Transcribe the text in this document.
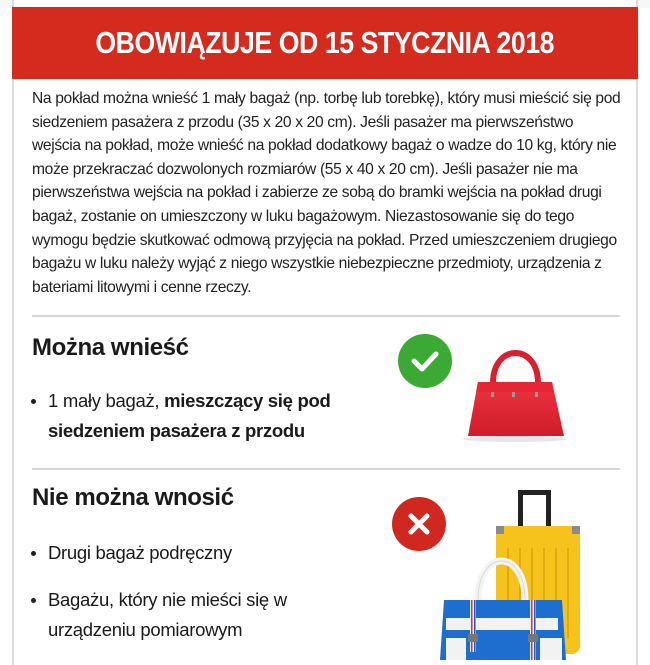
OBOWIĄZUJE OD 15 STYCZNIA 2018

Na pokład można wnieść 1 mały bagaż (np. torbę lub torebkę), który musi mieścić się pod siedzeniem pasażera z przodu (35 x 20 x 20 cm). Jeśli pasażer ma pierwszeństwo wejścia na pokład, może wnieść na pokład dodatkowy bagaż o wadze do 10 kg, który nie może przekraczać dozwolonych rozmiarów (55 x 40 x 20 cm). Jeśli pasażer nie ma pierwszeństwa wejścia na pokład i zabierze ze sobą do bramki wejścia na pokład drugi bagaż, zostanie on umieszczony w luku bagażowym. Niezastosowanie się do tego wymogu będzie skutkować odmową przyjęcia na pokład. Przed umieszczeniem drugiego bagażu w luku należy wyjąć z niego wszystkie niebezpieczne przedmioty, urządzenia z bateriami litowymi i cenne rzeczy.

Można wnieść
1 mały bagaż, mieszczący się pod siedzeniem pasażera z przodu
Nie można wnosić
Drugi bagaż podręczny
Bagażu, który nie mieści się w urządzeniu pomiarowym
